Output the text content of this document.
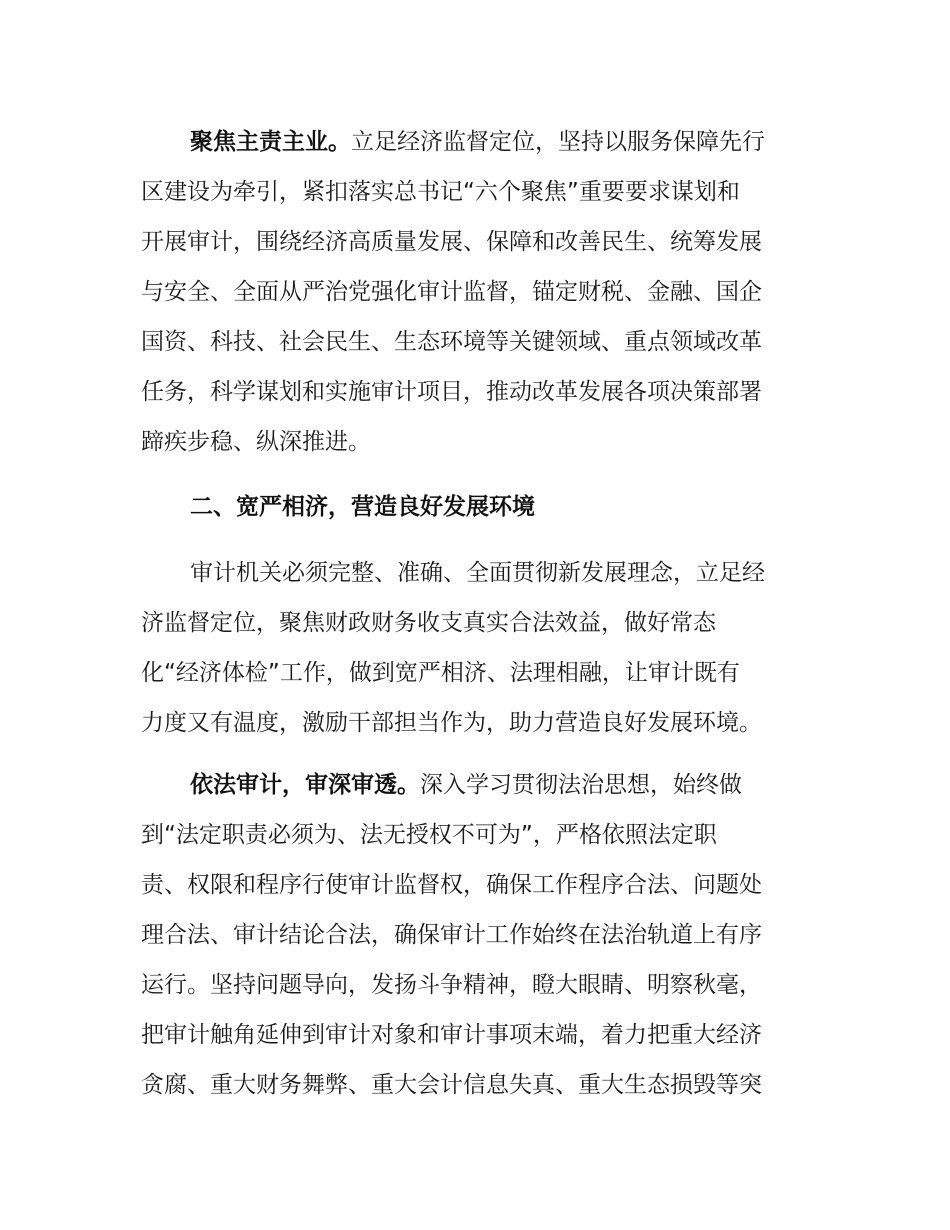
聚焦主责主业。立足经济监督定位，坚持以服务保障先行
区建设为牵引，紧扣落实总书记“六个聚焦”重要要求谋划和
开展审计，围绕经济高质量发展、保障和改善民生、统筹发展
与安全、全面从严治党强化审计监督，锚定财税、金融、国企
国资、科技、社会民生、生态环境等关键领域、重点领域改革
任务，科学谋划和实施审计项目，推动改革发展各项决策部署
蹄疾步稳、纵深推进。
二、宽严相济，营造良好发展环境
审计机关必须完整、准确、全面贯彻新发展理念，立足经
济监督定位，聚焦财政财务收支真实合法效益，做好常态
化“经济体检”工作，做到宽严相济、法理相融，让审计既有
力度又有温度，激励干部担当作为，助力营造良好发展环境。
依法审计，审深审透。深入学习贯彻法治思想，始终做
到“法定职责必须为、法无授权不可为”，严格依照法定职
责、权限和程序行使审计监督权，确保工作程序合法、问题处
理合法、审计结论合法，确保审计工作始终在法治轨道上有序
运行。坚持问题导向，发扬斗争精神，瞪大眼睛、明察秋毫，
把审计触角延伸到审计对象和审计事项末端，着力把重大经济
贪腐、重大财务舞弊、重大会计信息失真、重大生态损毁等突
